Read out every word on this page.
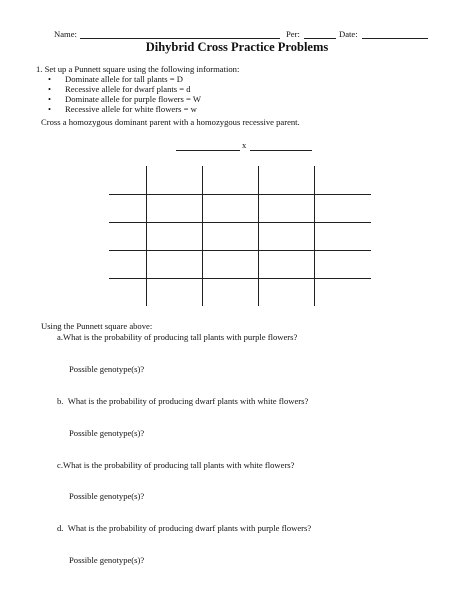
Name:	Per:	Date:
Dihybrid Cross Practice Problems
1. Set up a Punnett square using the following information:
• Dominate allele for tall plants = D
• Recessive allele for dwarf plants = d
• Dominate allele for purple flowers = W
• Recessive allele for white flowers = w
Cross a homozygous dominant parent with a homozygous recessive parent.
x
Using the Punnett square above:
a.What is the probability of producing tall plants with purple flowers?
Possible genotype(s)?
b.  What is the probability of producing dwarf plants with white flowers?
Possible genotype(s)?
c.What is the probability of producing tall plants with white flowers?
Possible genotype(s)?
d.  What is the probability of producing dwarf plants with purple flowers?
Possible genotype(s)?
